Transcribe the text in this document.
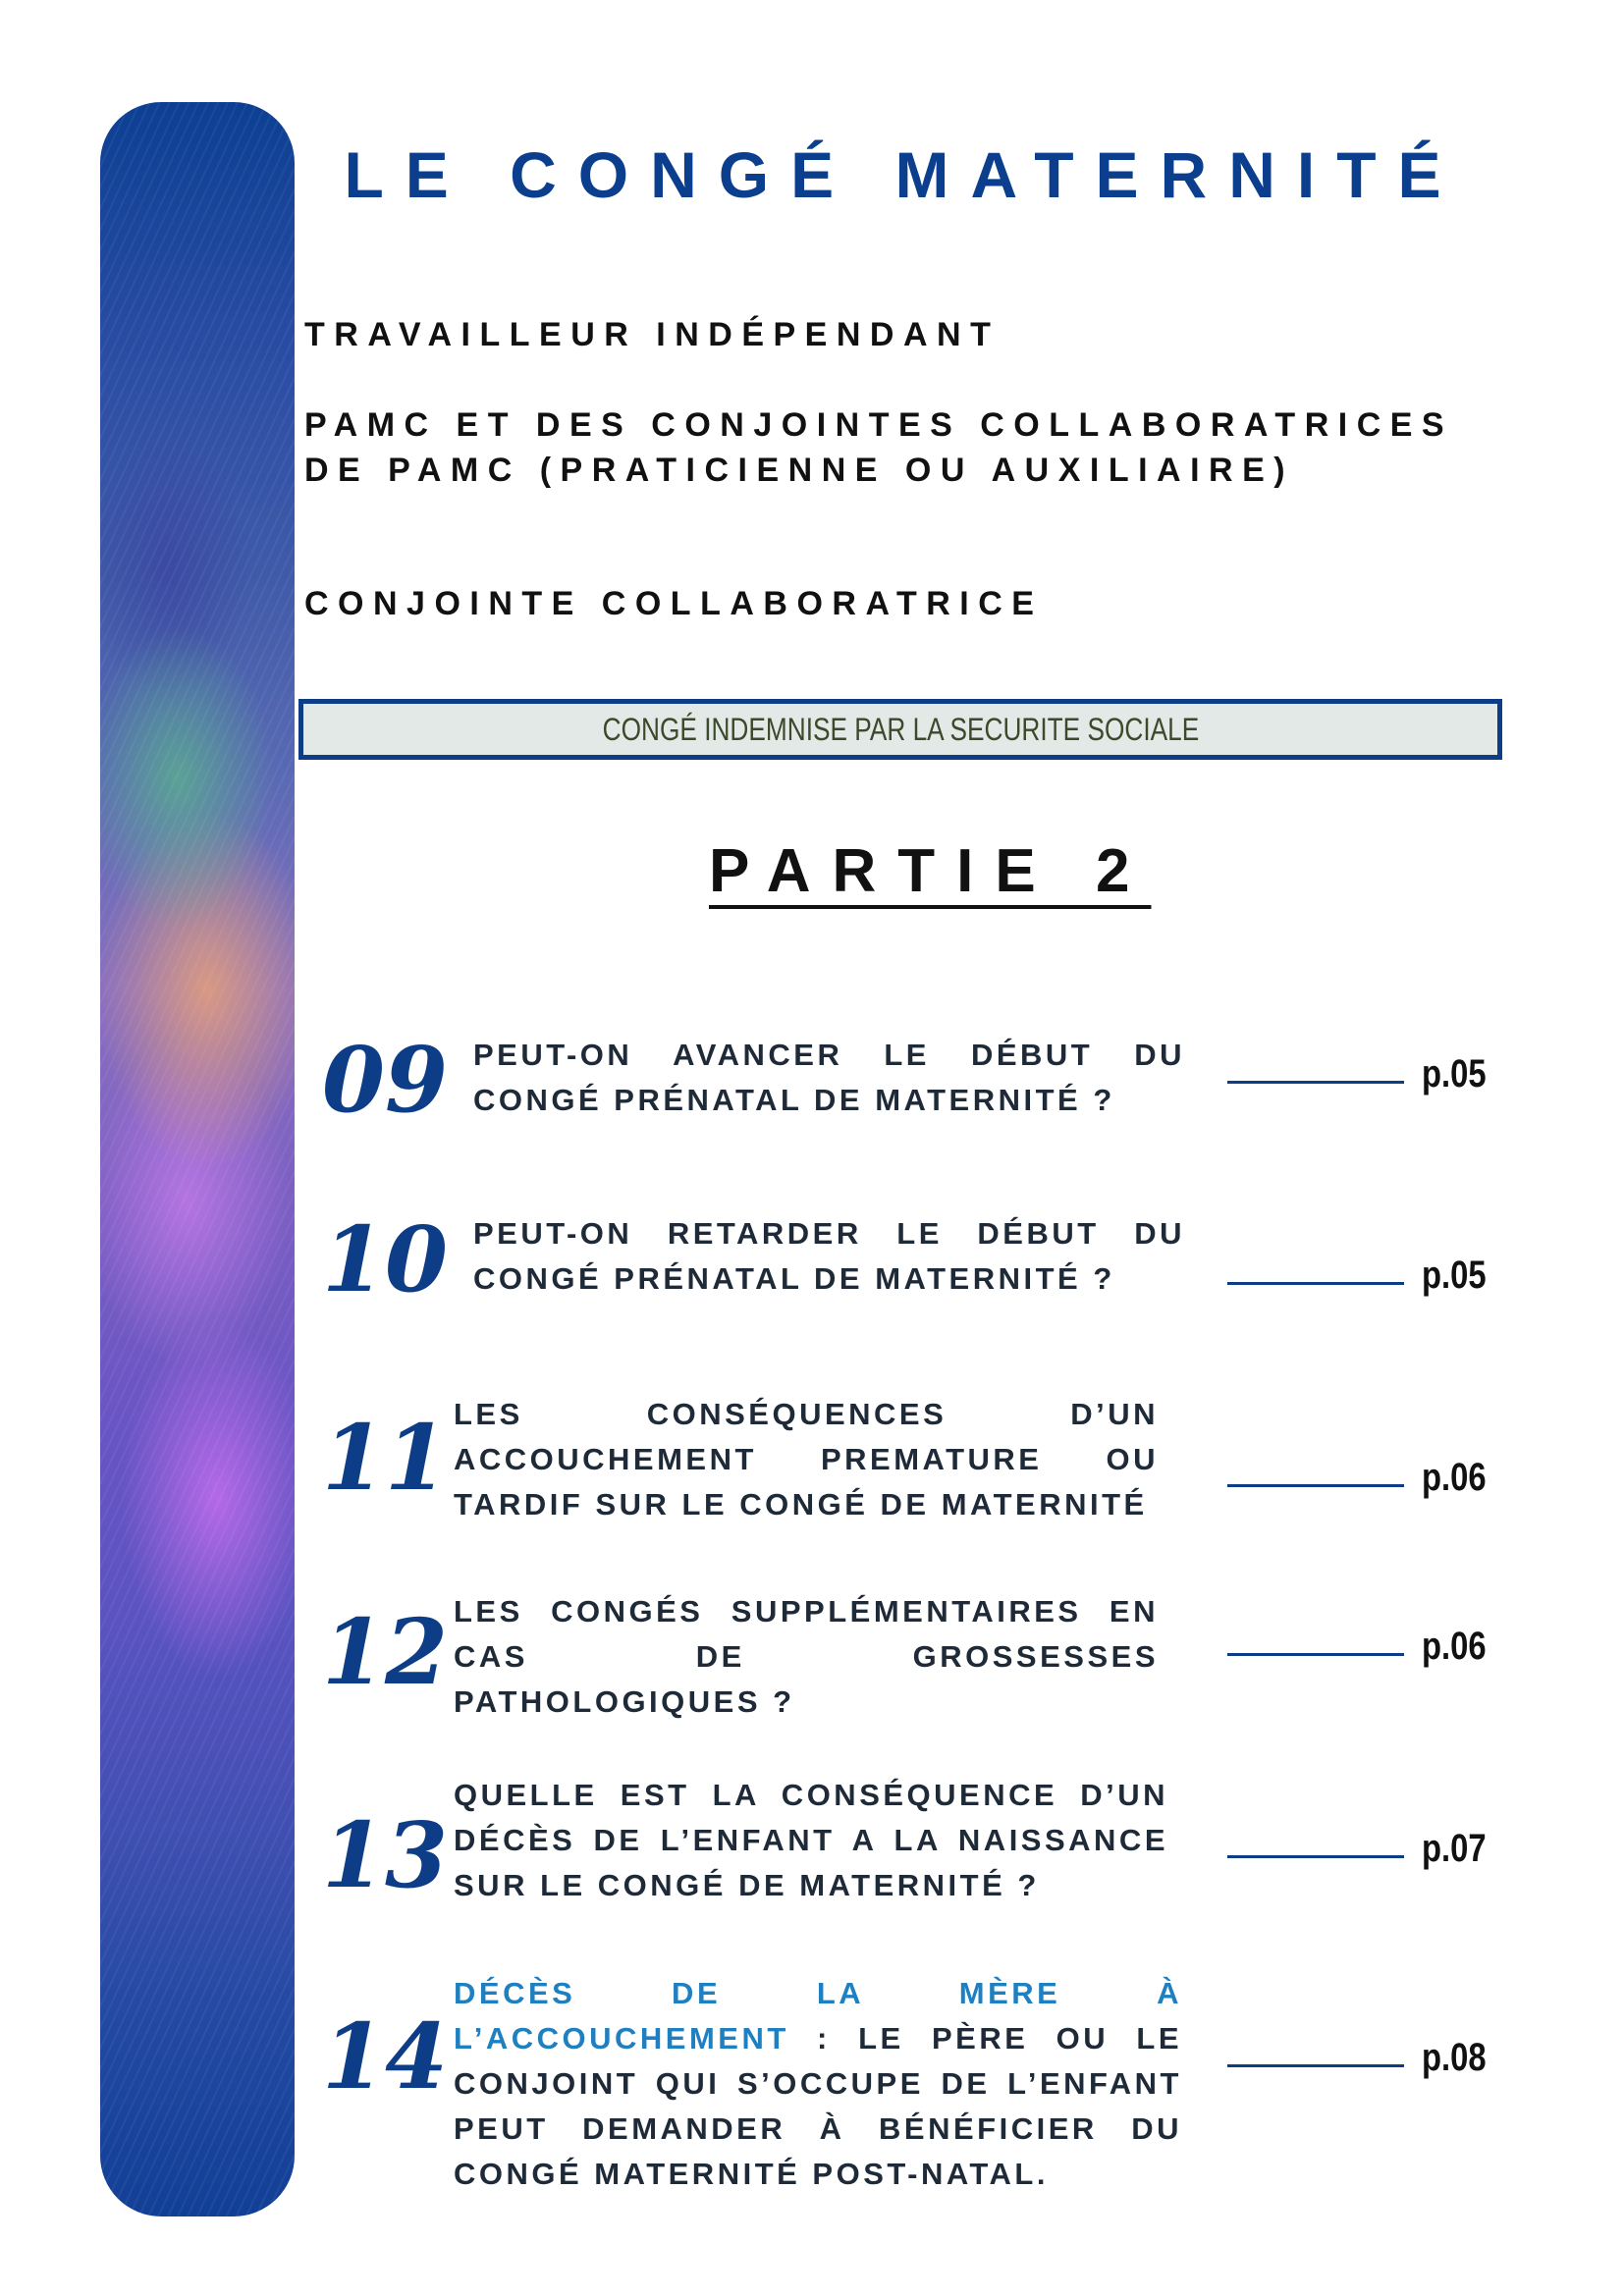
LE CONGÉ MATERNITÉ
TRAVAILLEUR INDÉPENDANT
PAMC ET DES CONJOINTES COLLABORATRICES DE PAMC (PRATICIENNE OU AUXILIAIRE)
CONJOINTE COLLABORATRICE
CONGÉ INDEMNISE PAR LA SECURITE SOCIALE
PARTIE 2
09 PEUT-ON AVANCER LE DÉBUT DU CONGÉ PRÉNATAL DE MATERNITÉ ?
p.05
10 PEUT-ON RETARDER LE DÉBUT DU CONGÉ PRÉNATAL DE MATERNITÉ ?	p.05
11 LES CONSÉQUENCES D’UN ACCOUCHEMENT PREMATURE OU TARDIF SUR LE CONGÉ DE MATERNITÉ
p.06
12 LES CONGÉS SUPPLÉMENTAIRES EN CAS DE GROSSESSES PATHOLOGIQUES ?
p.06
13
QUELLE EST LA CONSÉQUENCE D’UN DÉCÈS DE L’ENFANT A LA NAISSANCE SUR LE CONGÉ DE MATERNITÉ ?
p.07
14
DÉCÈS DE LA MÈRE À L’ACCOUCHEMENT : LE PÈRE OU LE CONJOINT QUI S’OCCUPE DE L’ENFANT PEUT DEMANDER À BÉNÉFICIER DU CONGÉ MATERNITÉ POST-NATAL.
p.08
